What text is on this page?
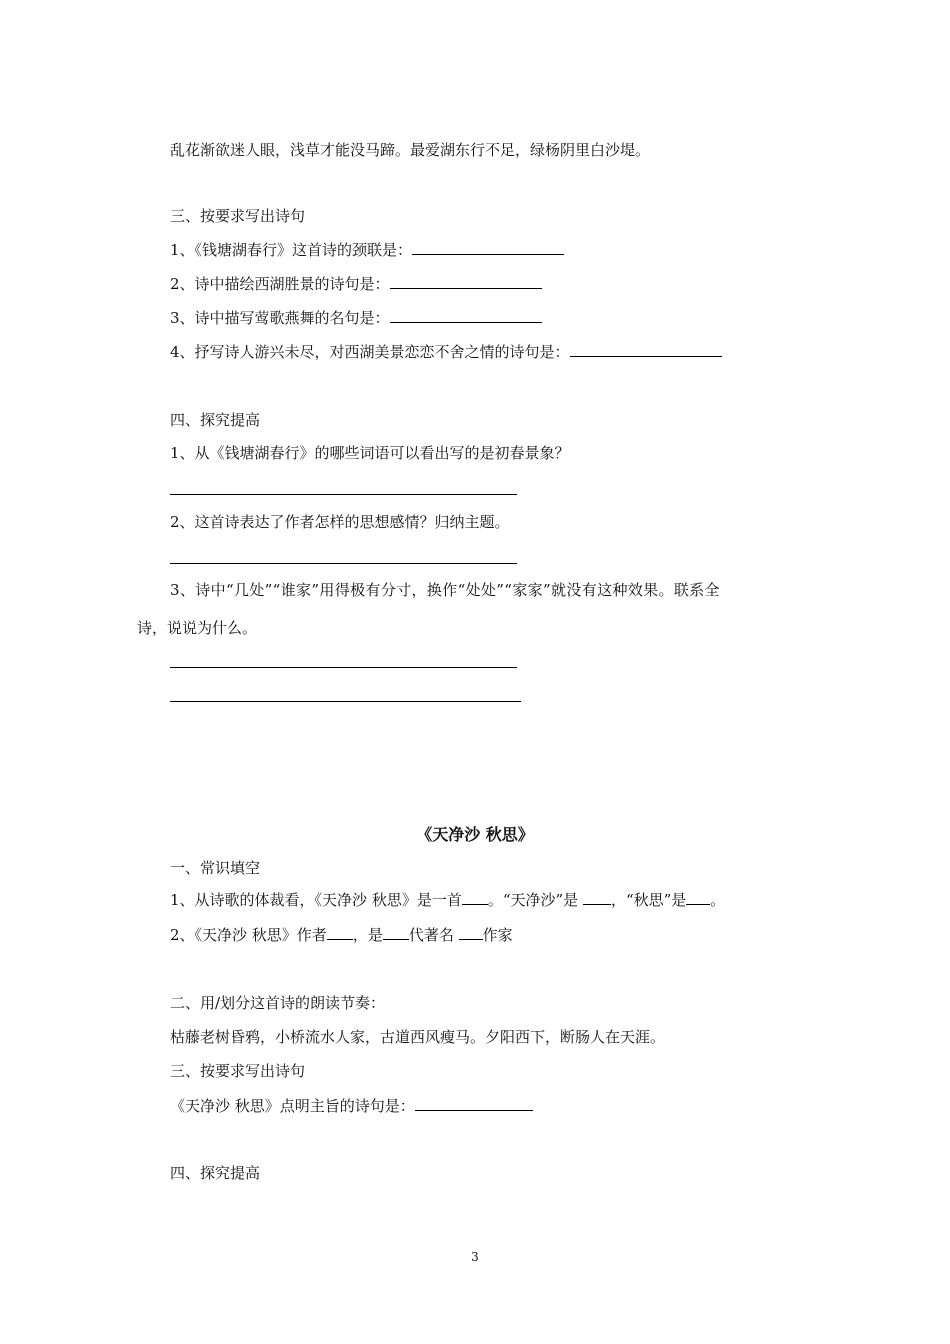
乱花渐欲迷人眼，浅草才能没马蹄。最爱湖东行不足，绿杨阴里白沙堤。
三、按要求写出诗句
1、《钱塘湖春行》这首诗的颈联是：
2、诗中描绘西湖胜景的诗句是：
3、诗中描写莺歌燕舞的名句是：
4、抒写诗人游兴未尽，对西湖美景恋恋不舍之情的诗句是：
四、探究提高
1、从《钱塘湖春行》的哪些词语可以看出写的是初春景象？
2、这首诗表达了作者怎样的思想感情？归纳主题。
3、诗中“几处”“谁家”用得极有分寸，换作“处处”“家家”就没有这种效果。联系全
诗，说说为什么。
《天净沙 秋思》
一、常识填空
1、从诗歌的体裁看，《天净沙 秋思》是一首 。“天净沙”是 ，“秋思”是 。
2、《天净沙 秋思》作者 ，是 代著名 作家
二、用/划分这首诗的朗读节奏：
枯藤老树昏鸦，小桥流水人家，古道西风瘦马。夕阳西下，断肠人在天涯。
三、按要求写出诗句
《天净沙 秋思》点明主旨的诗句是：
四、探究提高
3
